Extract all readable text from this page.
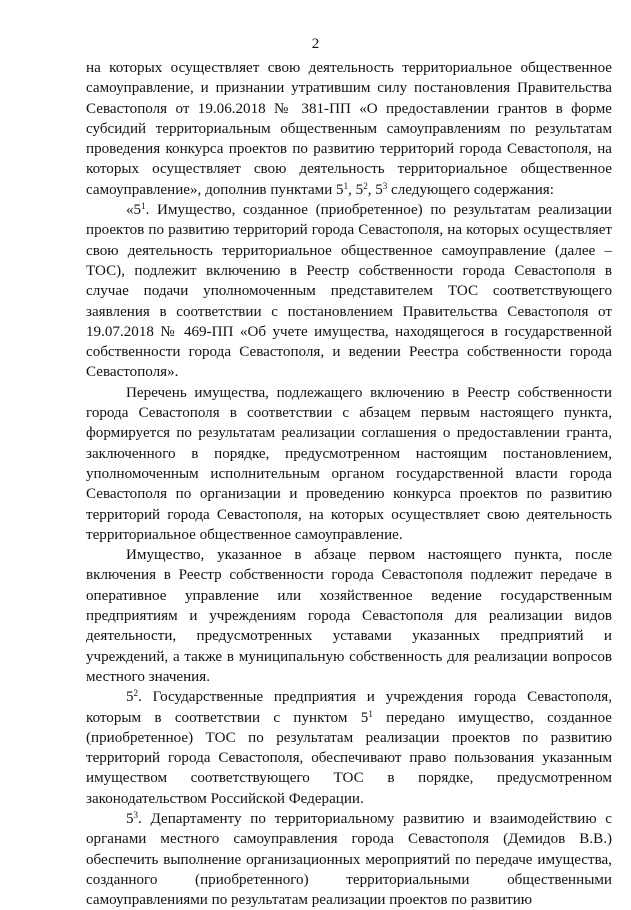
2

на которых осуществляет свою деятельность территориальное общественное самоуправление, и признании утратившим силу постановления Правительства Севастополя от 19.06.2018 № 381-ПП «О предоставлении грантов в форме субсидий территориальным общественным самоуправлениям по результатам проведения конкурса проектов по развитию территорий города Севастополя, на которых осуществляет свою деятельность территориальное общественное самоуправление», дополнив пунктами $5^1$, $5^2$, $5^3$ следующего содержания:

«$5^1$. Имущество, созданное (приобретенное) по результатам реализации проектов по развитию территорий города Севастополя, на которых осуществляет свою деятельность территориальное общественное самоуправление (далее – ТОС), подлежит включению в Реестр собственности города Севастополя в случае подачи уполномоченным представителем ТОС соответствующего заявления в соответствии с постановлением Правительства Севастополя от 19.07.2018 № 469-ПП «Об учете имущества, находящегося в государственной собственности города Севастополя, и ведении Реестра собственности города Севастополя».

Перечень имущества, подлежащего включению в Реестр собственности города Севастополя в соответствии с абзацем первым настоящего пункта, формируется по результатам реализации соглашения о предоставлении гранта, заключенного в порядке, предусмотренном настоящим постановлением, уполномоченным исполнительным органом государственной власти города Севастополя по организации и проведению конкурса проектов по развитию территорий города Севастополя, на которых осуществляет свою деятельность территориальное общественное самоуправление.

Имущество, указанное в абзаце первом настоящего пункта, после включения в Реестр собственности города Севастополя подлежит передаче в оперативное управление или хозяйственное ведение государственным предприятиям и учреждениям города Севастополя для реализации видов деятельности, предусмотренных уставами указанных предприятий и учреждений, а также в муниципальную собственность для реализации вопросов местного значения.

$5^2$. Государственные предприятия и учреждения города Севастополя, которым в соответствии с пунктом $5^1$ передано имущество, созданное (приобретенное) ТОС по результатам реализации проектов по развитию территорий города Севастополя, обеспечивают право пользования указанным имуществом соответствующего ТОС в порядке, предусмотренном законодательством Российской Федерации.

$5^3$. Департаменту по территориальному развитию и взаимодействию с органами местного самоуправления города Севастополя (Демидов В.В.) обеспечить выполнение организационных мероприятий по передаче имущества, созданного (приобретенного) территориальными общественными самоуправлениями по результатам реализации проектов по развитию
